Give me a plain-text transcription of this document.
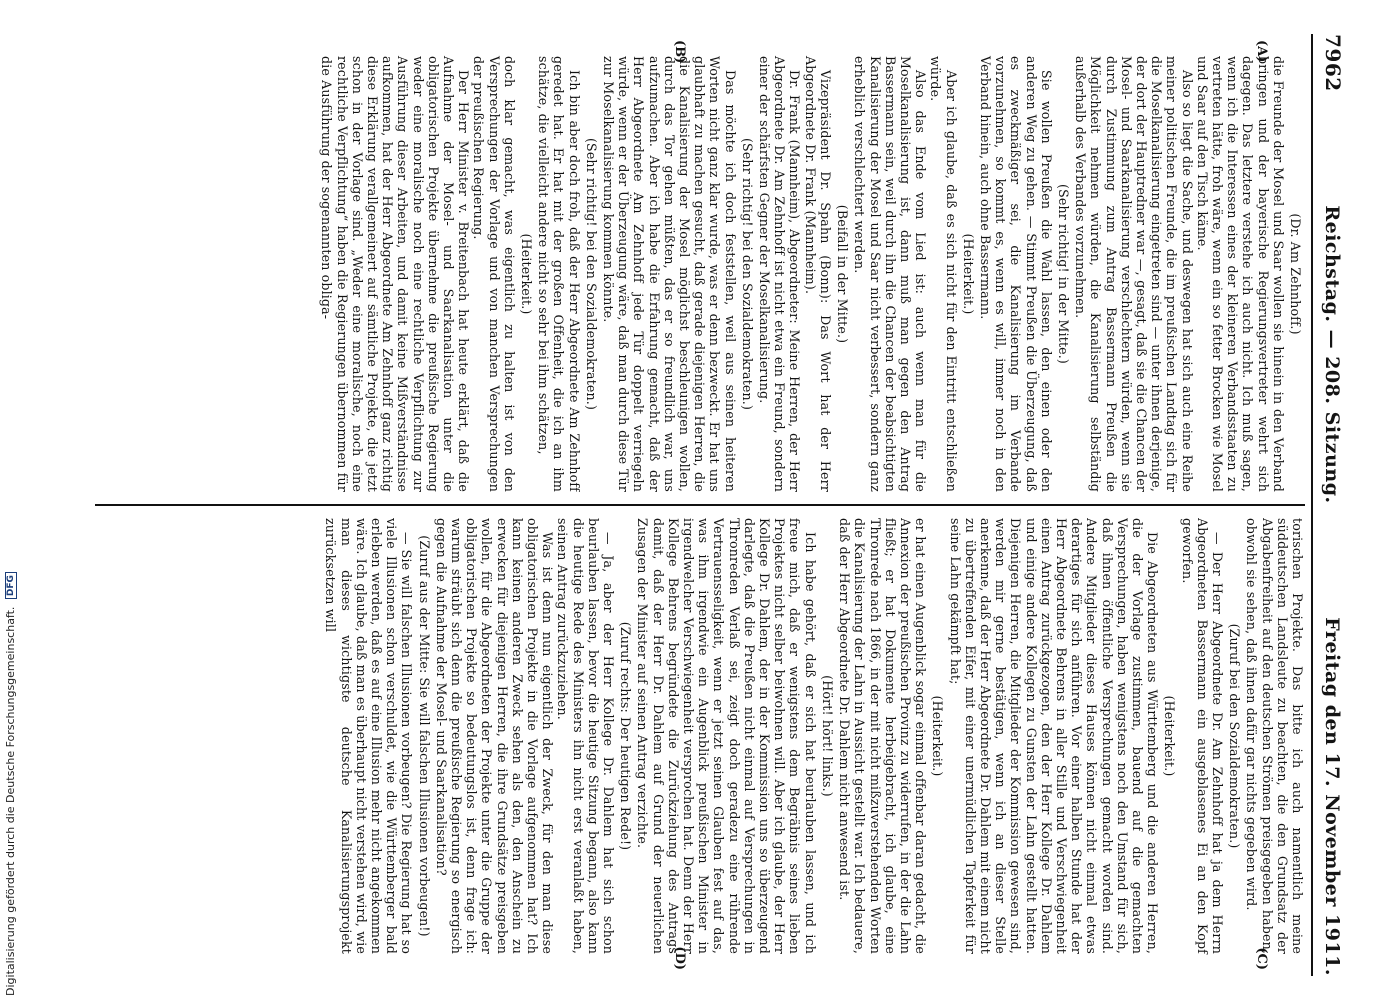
Digitalisierung gefördert durch die Deutsche Forschungsgemeinschaft. DFG
7962
Reichstag. — 208. Sitzung.
Freitag den 17. November 1911.
(A)
(B)
(C)
(D)

(Dr. Am Zehnhoff.)

die Freunde der Mosel und Saar wollen sie hinein in den Verband bringen und der bayerische Regierungsvertreter wehrt sich dagegen. Das letztere verstehe ich auch nicht. Ich muß sagen, wenn ich die Interessen eines der kleineren Verbandsstaaten zu vertreten hätte, froh wäre, wenn ein so fetter Brocken wie Mosel und Saar auf den Tisch käme.

Also so liegt die Sache, und deswegen hat sich auch eine Reihe meiner politischen Freunde, die im preußischen Landtag sich für die Moselkanalisierung eingetreten sind — unter ihnen derjenige, der dort der Hauptredner war —, gesagt, daß sie die Chancen der Mosel- und Saarkanalisierung verschlechtern würden, wenn sie durch Zustimmung zum Antrag Bassermann Preußen die Möglichkeit nehmen würden, die Kanalisierung selbständig außerhalb des Verbandes vorzunehmen.

(Sehr richtig! in der Mitte.)

Sie wollen Preußen die Wahl lassen, den einen oder den anderen Weg zu gehen. — Stimmt Preußen die Überzeugung, daß es zweckmäßiger sei, die Kanalisierung im Verbande vorzunehmen, so kommt es, wenn es will, immer noch in den Verband hinein, auch ohne Bassermann.

(Heiterkeit.)

Aber ich glaube, daß es sich nicht für den Eintritt entschließen würde.

Also das Ende vom Lied ist: auch wenn man für die Moselkanalisierung ist, dann muß man gegen den Antrag Bassermann sein, weil durch ihn die Chancen der beabsichtigten Kanalisierung der Mosel und Saar nicht verbessert, sondern ganz erheblich verschlechtert werden.

(Beifall in der Mitte.)

Vizepräsident Dr. Spahn (Bonn): Das Wort hat der Herr Abgeordnete Dr. Frank (Mannheim).

Dr. Frank (Mannheim), Abgeordneter: Meine Herren, der Herr Abgeordnete Dr. Am Zehnhoff ist nicht etwa ein Freund, sondern einer der schärfsten Gegner der Moselkanalisierung.

(Sehr richtig! bei den Sozialdemokraten.)

Das möchte ich doch feststellen, weil aus seinen heiteren Worten nicht ganz klar wurde, was er denn bezweckt. Er hat uns glaubhaft zu machen gesucht, daß gerade diejenigen Herren, die die Kanalisierung der Mosel möglichst beschleunigen wollen, durch das Tor gehen müßten, das er so freundlich war, uns aufzumachen. Aber ich habe die Erfahrung gemacht, daß der Herr Abgeordnete Am Zehnhoff jede Tür doppelt verriegeln würde, wenn er der Überzeugung wäre, daß man durch diese Tür zur Moselkanalisierung kommen könnte.

(Sehr richtig! bei den Sozialdemokraten.)

Ich bin aber doch froh, daß der Herr Abgeordnete Am Zehnhoff geredet hat. Er hat mit der großen Offenheit, die ich an ihm schätze, die vielleicht andere nicht so sehr bei ihm schätzen,

(Heiterkeit.)

doch klar gemacht, was eigentlich zu halten ist von den Versprechungen der Vorlage und von manchen Versprechungen der preußischen Regierung.

Der Herr Minister v. Breitenbach hat heute erklärt, daß die Aufnahme der Mosel- und Saarkanalisation unter die obligatorischen Projekte übernehme die preußische Regierung weder eine moralische noch eine rechtliche Verpflichtung zur Ausführung dieser Arbeiten, und damit keine Mißverständnisse aufkommen, hat der Herr Abgeordnete Am Zehnhoff ganz richtig diese Erklärung verallgemeinert auf sämtliche Projekte, die jetzt schon in der Vorlage sind. „Weder eine moralische, noch eine rechtliche Verpflichtung“ haben die Regierungen übernommen für die Ausführung der sogenannten obliga-

torischen Projekte. Das bitte ich auch namentlich meine süddeutschen Landsleute zu beachten, die den Grundsatz der Abgabenfreiheit auf den deutschen Strömen preisgegeben haben, obwohl sie sehen, daß ihnen dafür gar nichts gegeben wird.

(Zuruf bei den Sozialdemokraten.)

— Der Herr Abgeordnete Dr. Am Zehnhoff hat ja dem Herrn Abgeordneten Bassermann ein ausgeblasenes Ei an den Kopf geworfen.

(Heiterkeit.)

Die Abgeordneten aus Württemberg und die anderen Herren, die der Vorlage zustimmen, bauend auf die gemachten Versprechungen, haben wenigstens noch den Umstand für sich, daß ihnen öffentliche Versprechungen gemacht worden sind. Andere Mitglieder dieses Hauses können nicht einmal etwas derartiges für sich anführen. Vor einer halben Stunde hat der Herr Abgeordnete Behrens in aller Stille und Verschwiegenheit einen Antrag zurückgezogen, den der Herr Kollege Dr. Dahlem und einige andere Kollegen zu Gunsten der Lahn gestellt hatten. Diejenigen Herren, die Mitglieder der Kommission gewesen sind, werden mir gerne bestätigen, wenn ich an dieser Stelle anerkenne, daß der Herr Abgeordnete Dr. Dahlem mit einem nicht zu übertreffenden Eifer, mit einer unermüdlichen Tapferkeit für seine Lahn gekämpft hat;

(Heiterkeit.)

er hat einen Augenblick sogar einmal offenbar daran gedacht, die Annexion der preußischen Provinz zu widerrufen, in der die Lahn fließt; er hat Dokumente herbeigebracht, ich glaube, eine Thronrede nach 1866, in der mit nicht mißzuverstehenden Worten die Kanalisierung der Lahn in Aussicht gestellt war. Ich bedauere, daß der Herr Abgeordnete Dr. Dahlem nicht anwesend ist.

(Hört! hört! links.)

Ich habe gehört, daß er sich hat beurlauben lassen, und ich freue mich, daß er wenigstens dem Begräbnis seines lieben Projektes nicht selber beiwohnen will. Aber ich glaube, der Herr Kollege Dr. Dahlem, der in der Kommission uns so überzeugend darlegte, daß die Preußen nicht einmal auf Versprechungen in Thronreden Verlaß sei, zeigt doch geradezu eine rührende Vertrauensseligkeit, wenn er jetzt seinen Glauben fest auf das, was ihm irgendwie ein Augenblick preußischen Minister in irgendwelcher Verschwiegenheit versprochen hat. Denn der Herr Kollege Behrens begründete die Zurückziehung des Antrags damit, daß der Herr Dr. Dahlem auf Grund der neuerlichen Zusagen der Minister auf seinen Antrag verzichte.

(Zuruf rechts: Der heutigen Rede!)

— Ja, aber der Herr Kollege Dr. Dahlem hat sich schon beurlauben lassen, bevor die heutige Sitzung begann, also kann die heutige Rede des Ministers ihn nicht erst veranlaßt haben, seinen Antrag zurückzuziehen.

Was ist denn nun eigentlich der Zweck, für den man diese obligatorischen Projekte in die Vorlage aufgenommen hat? Ich kann keinen anderen Zweck sehen als den, den Anschein zu erwecken für diejenigen Herren, die ihre Grundsätze preisgeben wollen, für die Abgeordneten der Projekte unter die Gruppe der obligatorischen Projekte so bedeutungslos ist, denn frage ich: warum sträubt sich denn die preußische Regierung so energisch gegen die Aufnahme der Mosel- und Saarkanalisation?

(Zuruf aus der Mitte: Sie will falschen Illusionen vorbeugen!)

— Sie will falschen Illusionen vorbeugen? Die Regierung hat so viele Illusionen schon verschuldet, wie die Württemberger bald erleben werden, daß es auf eine Illusion mehr nicht angekommen wäre. Ich glaube, daß man es überhaupt nicht verstehen wird, wie man dieses wichtigste deutsche Kanalisierungsprojekt zurücksetzen will
